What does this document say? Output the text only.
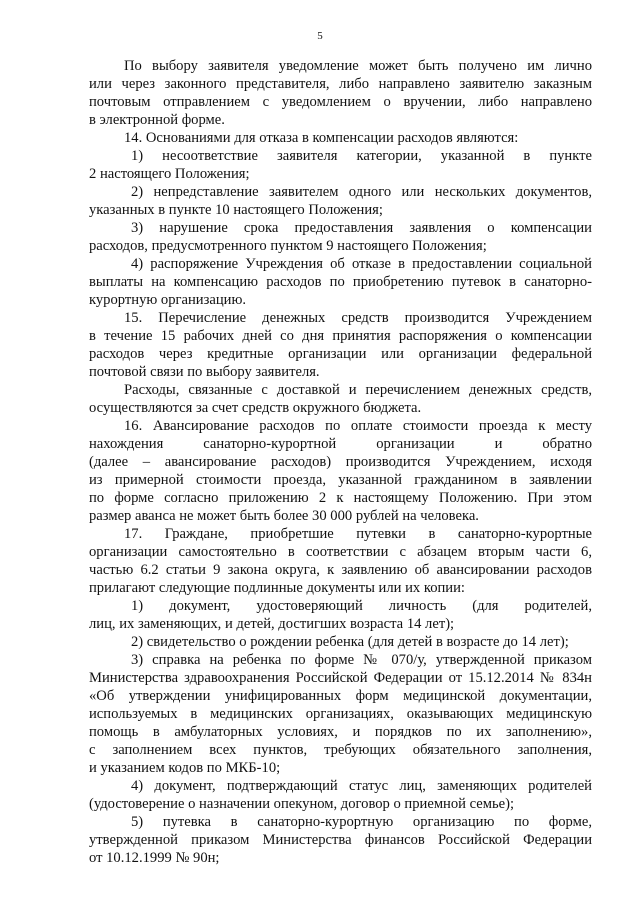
5
По выбору заявителя уведомление может быть получено им лично
или через законного представителя, либо направлено заявителю заказным
почтовым отправлением с уведомлением о вручении, либо направлено
в электронной форме.
14. Основаниями для отказа в компенсации расходов являются:
1) несоответствие заявителя категории, указанной в пункте
2 настоящего Положения;
2) непредставление заявителем одного или нескольких документов,
указанных в пункте 10 настоящего Положения;
3) нарушение срока предоставления заявления о компенсации
расходов, предусмотренного пунктом 9 настоящего Положения;
4) распоряжение Учреждения об отказе в предоставлении социальной
выплаты на компенсацию расходов по приобретению путевок в санаторно-
курортную организацию.
15. Перечисление денежных средств производится Учреждением
в течение 15 рабочих дней со дня принятия распоряжения о компенсации
расходов через кредитные организации или организации федеральной
почтовой связи по выбору заявителя.
Расходы, связанные с доставкой и перечислением денежных средств,
осуществляются за счет средств окружного бюджета.
16. Авансирование расходов по оплате стоимости проезда к месту
нахождения санаторно-курортной организации и обратно
(далее – авансирование расходов) производится Учреждением, исходя
из примерной стоимости проезда, указанной гражданином в заявлении
по форме согласно приложению 2 к настоящему Положению. При этом
размер аванса не может быть более 30 000 рублей на человека.
17. Граждане, приобретшие путевки в санаторно-курортные
организации самостоятельно в соответствии с абзацем вторым части 6,
частью 6.2 статьи 9 закона округа, к заявлению об авансировании расходов
прилагают следующие подлинные документы или их копии:
1) документ, удостоверяющий личность (для родителей,
лиц, их заменяющих, и детей, достигших возраста 14 лет);
2) свидетельство о рождении ребенка (для детей в возрасте до 14 лет);
3) справка на ребенка по форме № 070/у, утвержденной приказом
Министерства здравоохранения Российской Федерации от 15.12.2014 № 834н
«Об утверждении унифицированных форм медицинской документации,
используемых в медицинских организациях, оказывающих медицинскую
помощь в амбулаторных условиях, и порядков по их заполнению»,
с заполнением всех пунктов, требующих обязательного заполнения,
и указанием кодов по МКБ-10;
4) документ, подтверждающий статус лиц, заменяющих родителей
(удостоверение о назначении опекуном, договор о приемной семье);
5) путевка в санаторно-курортную организацию по форме,
утвержденной приказом Министерства финансов Российской Федерации
от 10.12.1999 № 90н;
